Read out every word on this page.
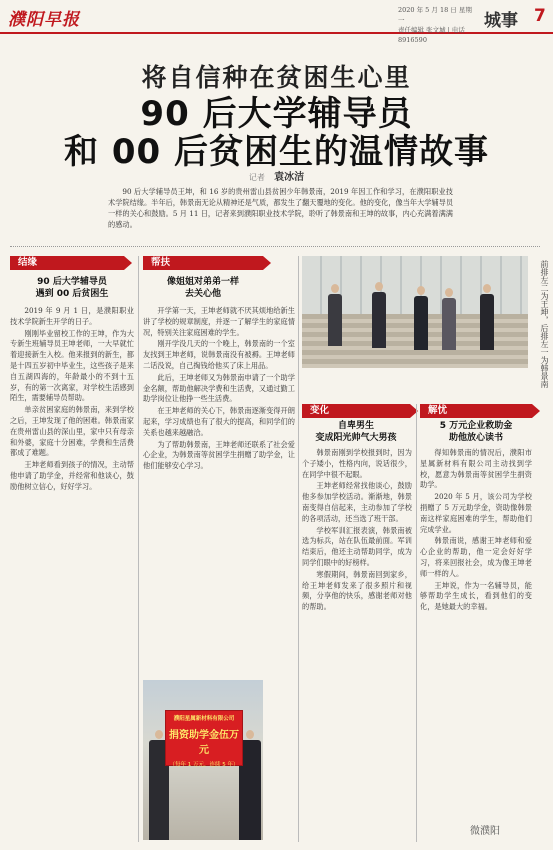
濮阳早报	2020 年 5 月 18 日 星期一
责任编辑 张文城 | 电话 8916590
城事 7
将自信种在贫困生心里
90 后大学辅导员
和 00 后贫困生的温情故事
记者 袁冰洁
90 后大学辅导员王坤，和 16 岁的贵州雷山县贫困少年韩景南，2019 年因工作和学习，在濮阳职业技术学院结缘。半年后，韩景南无论从精神还是气质，都发生了翻天覆地的变化。他的变化，像当年大学辅导员一样的关心和鼓励。5 月 11 日，记者来到濮阳职业技术学院，聆听了韩景南和王坤的故事，内心充满着满满的感动。
前排左二为王坤，后排左一为韩景南
结缘
90 后大学辅导员
遇到 00 后贫困生

2019 年 9 月 1 日，是濮阳职业技术学院新生开学的日子。

刚刚毕业留校工作的王坤，作为大专新生班辅导员王坤老师，一大早就忙着迎接新生入校。他来报到的新生，都是十四五岁初中毕业生，这些孩子是来自五湖四海的，年龄最小的不到十五岁，有的第一次离家，对学校生活感到陌生，需要辅导员帮助。

单亲贫困家庭的韩景南，来到学校之后，王坤发现了他的困难。韩景南家在贵州雷山县的深山里，家中只有母亲和外婆，家庭十分困难，学费和生活费都成了难题。

王坤老师看到孩子的情况，主动帮他申请了助学金，并经常和他谈心，鼓励他树立信心，好好学习。

帮扶
像姐姐对弟弟一样
去关心他

开学第一天，王坤老师就不厌其烦地给新生讲了学校的规章制度，并逐一了解学生的家庭情况，特别关注家庭困难的学生。

刚开学没几天的一个晚上，韩景南的一个室友找到王坤老师，说韩景南没有被褥。王坤老师二话没说，自己掏钱给他买了床上用品。

此后，王坤老师又为韩景南申请了一个助学金名额，帮助他解决学费和生活费，又通过勤工助学岗位让他挣一些生活费。

在王坤老师的关心下，韩景南逐渐变得开朗起来，学习成绩也有了很大的提高，和同学们的关系也越来越融洽。

为了帮助韩景南，王坤老师还联系了社会爱心企业，为韩景南等贫困学生捐赠了助学金，让他们能够安心学习。

濮阳星属新材料有限公司
捐资助学金伍万元
（每年 1 万元，连续 5 年）
变化
自卑男生
变成阳光帅气大男孩

韩景南刚到学校报到时，因为个子矮小，性格内向，说话很少，在同学中很不起眼。

王坤老师经常找他谈心，鼓励他多参加学校活动。渐渐地，韩景南变得自信起来，主动参加了学校的各项活动，还当选了班干部。

学校军训汇报表演，韩景南被选为标兵，站在队伍最前面。军训结束后，他还主动帮助同学，成为同学们眼中的好榜样。

寒假期间，韩景南回到家乡，给王坤老师发来了很多照片和视频，分享他的快乐，感谢老师对他的帮助。

解忧
5 万元企业救助金
助他放心读书

得知韩景南的情况后，濮阳市星属新材料有限公司主动找到学校，愿意为韩景南等贫困学生捐资助学。

2020 年 5 月，该公司为学校捐赠了 5 万元助学金，资助像韩景南这样家庭困难的学生，帮助他们完成学业。

韩景南说，感谢王坤老师和爱心企业的帮助，他一定会好好学习，将来回报社会，成为像王坤老师一样的人。

王坤说，作为一名辅导员，能够帮助学生成长，看到他们的变化，是她最大的幸福。

微濮阳
